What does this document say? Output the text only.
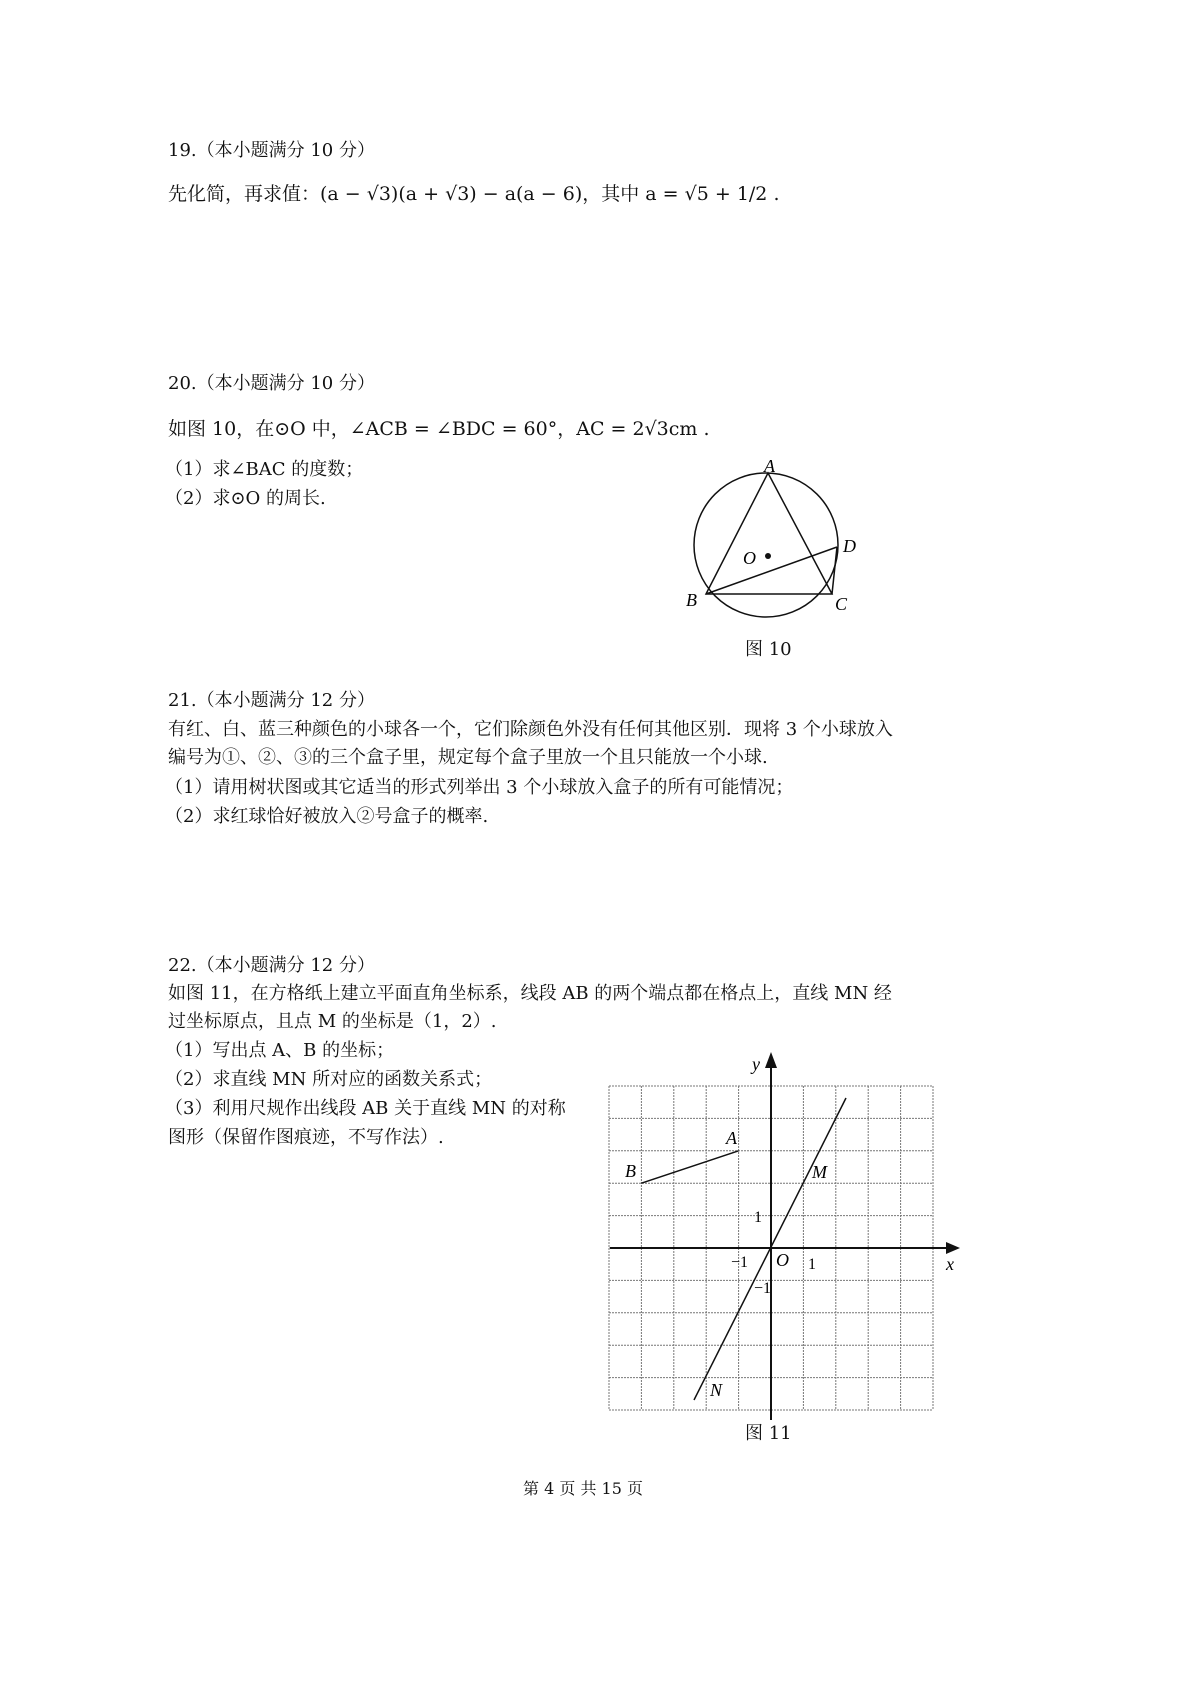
19.（本小题满分 10 分）
先化简，再求值：(a − √3)(a + √3) − a(a − 6)，其中 a = √5 + 1/2 .
20.（本小题满分 10 分）
如图 10，在⊙O 中，∠ACB = ∠BDC = 60°，AC = 2√3cm .
（1）求∠BAC 的度数；
（2）求⊙O 的周长.
A
B	C
D
O
图 10
21.（本小题满分 12 分）
有红、白、蓝三种颜色的小球各一个，它们除颜色外没有任何其他区别．现将 3 个小球放入
编号为①、②、③的三个盒子里，规定每个盒子里放一个且只能放一个小球.
（1）请用树状图或其它适当的形式列举出 3 个小球放入盒子的所有可能情况；
（2）求红球恰好被放入②号盒子的概率.
22.（本小题满分 12 分）
如图 11，在方格纸上建立平面直角坐标系，线段 AB 的两个端点都在格点上，直线 MN 经
过坐标原点，且点 M 的坐标是（1，2）.
（1）写出点 A、B 的坐标；
（2）求直线 MN 所对应的函数关系式；
（3）利用尺规作出线段 AB 关于直线 MN 的对称
图形（保留作图痕迹，不写作法）.
y
x
O 1
−1
1
−1
A
B	M
N
图 11
第 4 页 共 15 页
